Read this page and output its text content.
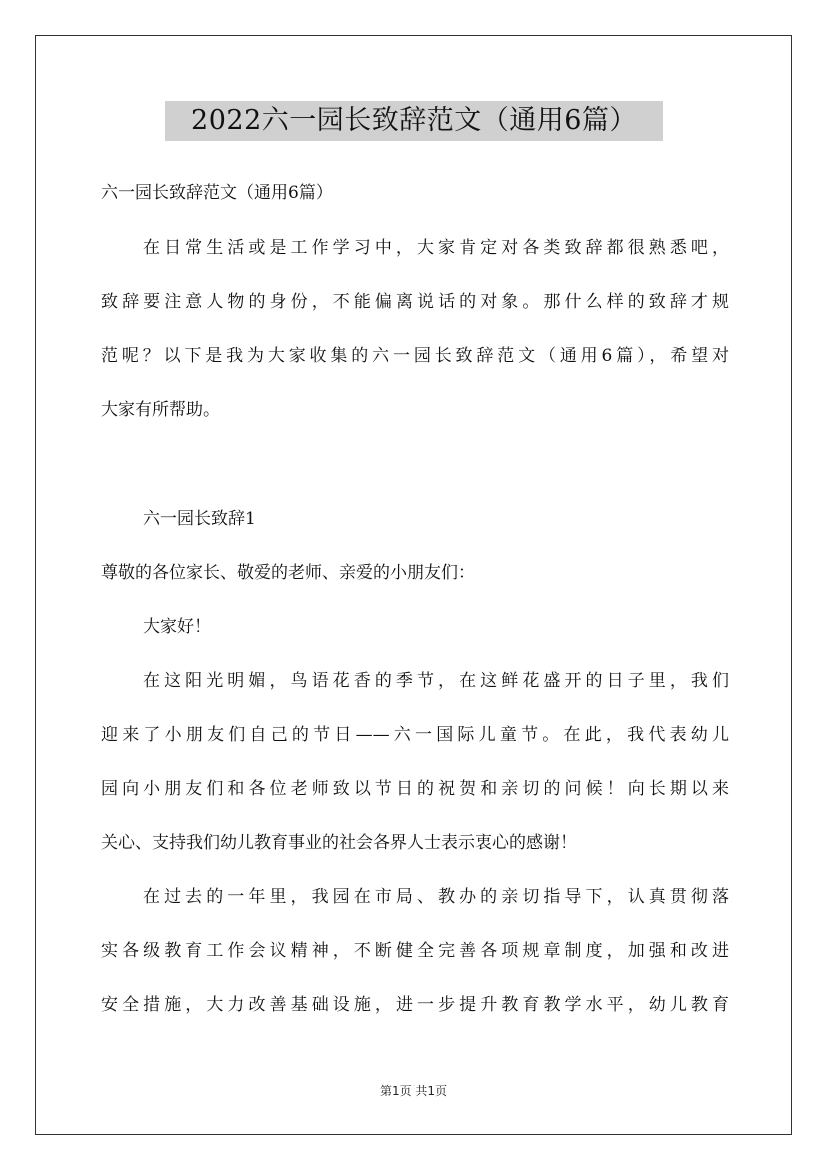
2022六一园长致辞范文（通用6篇）
六一园长致辞范文（通用6篇）
在日常生活或是工作学习中，大家肯定对各类致辞都很熟悉吧，
致辞要注意人物的身份，不能偏离说话的对象。那什么样的致辞才规
范呢？以下是我为大家收集的六一园长致辞范文（通用6篇），希望对
大家有所帮助。
六一园长致辞1
尊敬的各位家长、敬爱的老师、亲爱的小朋友们：
大家好！
在这阳光明媚，鸟语花香的季节，在这鲜花盛开的日子里，我们
迎来了小朋友们自己的节日——六一国际儿童节。在此，我代表幼儿
园向小朋友们和各位老师致以节日的祝贺和亲切的问候！向长期以来
关心、支持我们幼儿教育事业的社会各界人士表示衷心的感谢！
在过去的一年里，我园在市局、教办的亲切指导下，认真贯彻落
实各级教育工作会议精神，不断健全完善各项规章制度，加强和改进
安全措施，大力改善基础设施，进一步提升教育教学水平，幼儿教育
第1页 共1页
